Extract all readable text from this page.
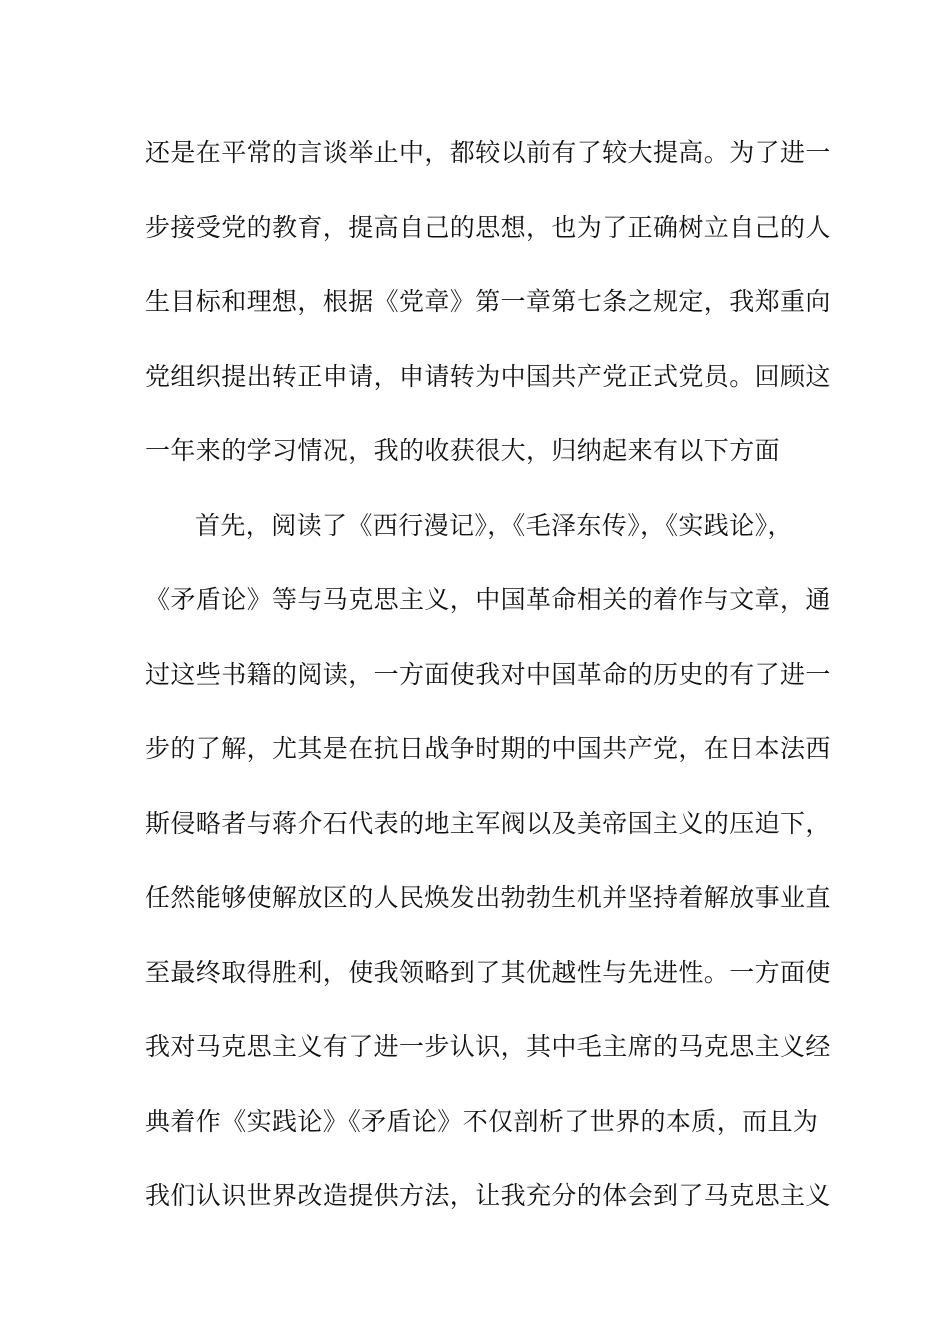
还是在平常的言谈举止中，都较以前有了较大提高。为了进一
步接受党的教育，提高自己的思想，也为了正确树立自己的人
生目标和理想，根据《党章》第一章第七条之规定，我郑重向
党组织提出转正申请，申请转为中国共产党正式党员。回顾这
一年来的学习情况，我的收获很大，归纳起来有以下方面
首先，阅读了《西行漫记》，《毛泽东传》，《实践论》，
《矛盾论》等与马克思主义，中国革命相关的着作与文章，通
过这些书籍的阅读，一方面使我对中国革命的历史的有了进一
步的了解，尤其是在抗日战争时期的中国共产党，在日本法西
斯侵略者与蒋介石代表的地主军阀以及美帝国主义的压迫下，
任然能够使解放区的人民焕发出勃勃生机并坚持着解放事业直
至最终取得胜利，使我领略到了其优越性与先进性。一方面使
我对马克思主义有了进一步认识，其中毛主席的马克思主义经
典着作《实践论》《矛盾论》不仅剖析了世界的本质，而且为
我们认识世界改造提供方法，让我充分的体会到了马克思主义
